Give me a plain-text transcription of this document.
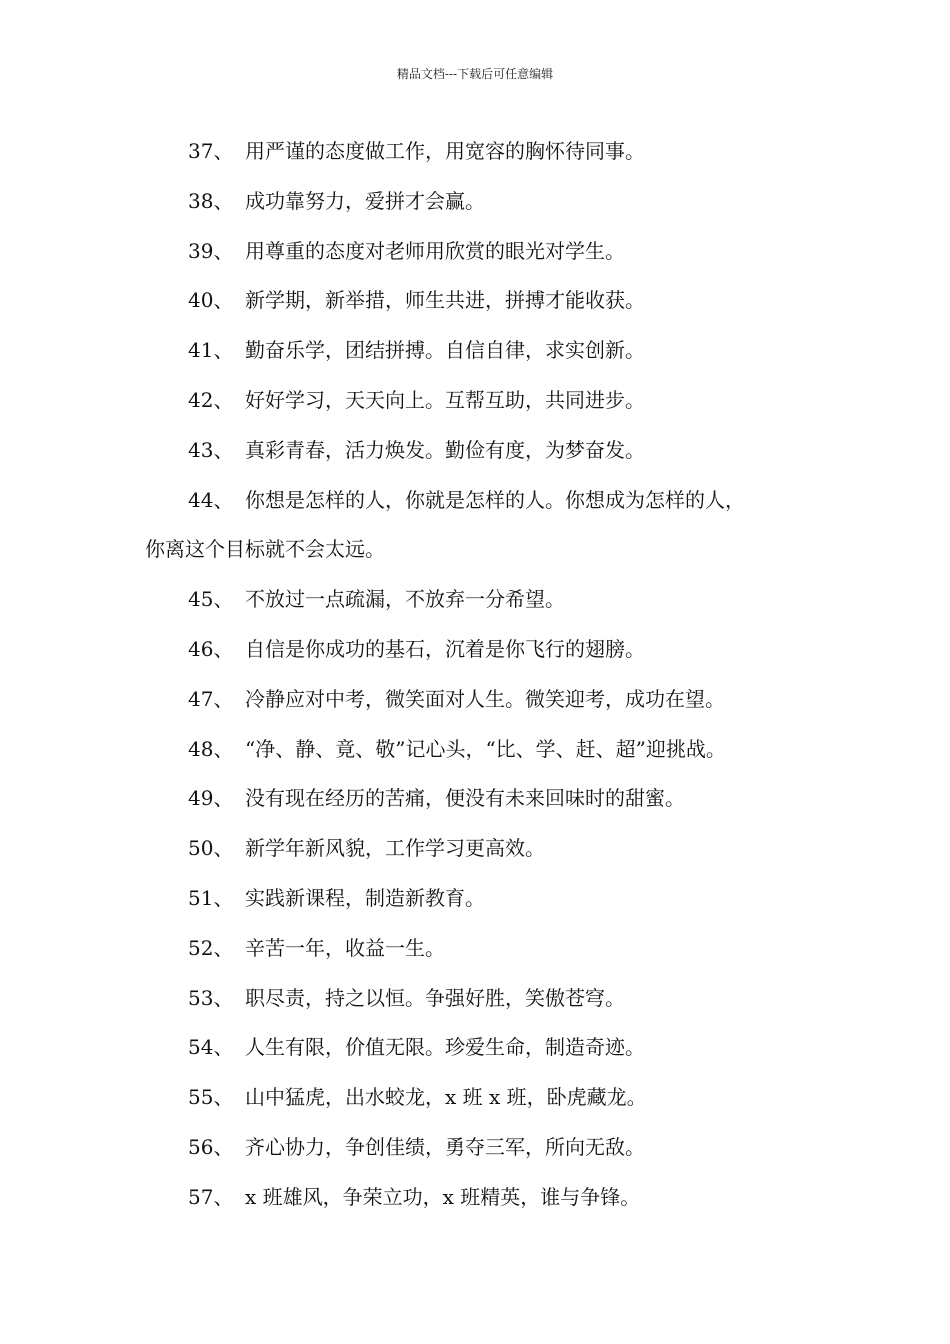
精品文档---下载后可任意编辑
37、 用严谨的态度做工作，用宽容的胸怀待同事。
38、 成功靠努力，爱拼才会赢。
39、 用尊重的态度对老师用欣赏的眼光对学生。
40、 新学期，新举措，师生共进，拼搏才能收获。
41、 勤奋乐学，团结拼搏。自信自律，求实创新。
42、 好好学习，天天向上。互帮互助，共同进步。
43、 真彩青春，活力焕发。勤俭有度，为梦奋发。
44、 你想是怎样的人，你就是怎样的人。你想成为怎样的人，
你离这个目标就不会太远。
45、 不放过一点疏漏，不放弃一分希望。
46、 自信是你成功的基石，沉着是你飞行的翅膀。
47、 冷静应对中考，微笑面对人生。微笑迎考，成功在望。
48、 “净、静、竟、敬”记心头，“比、学、赶、超”迎挑战。
49、 没有现在经历的苦痛，便没有未来回味时的甜蜜。
50、 新学年新风貌，工作学习更高效。
51、 实践新课程，制造新教育。
52、 辛苦一年，收益一生。
53、 职尽责，持之以恒。争强好胜，笑傲苍穹。
54、 人生有限，价值无限。珍爱生命，制造奇迹。
55、 山中猛虎，出水蛟龙，x 班 x 班，卧虎藏龙。
56、 齐心协力，争创佳绩，勇夺三军，所向无敌。
57、 x 班雄风，争荣立功，x 班精英，谁与争锋。
